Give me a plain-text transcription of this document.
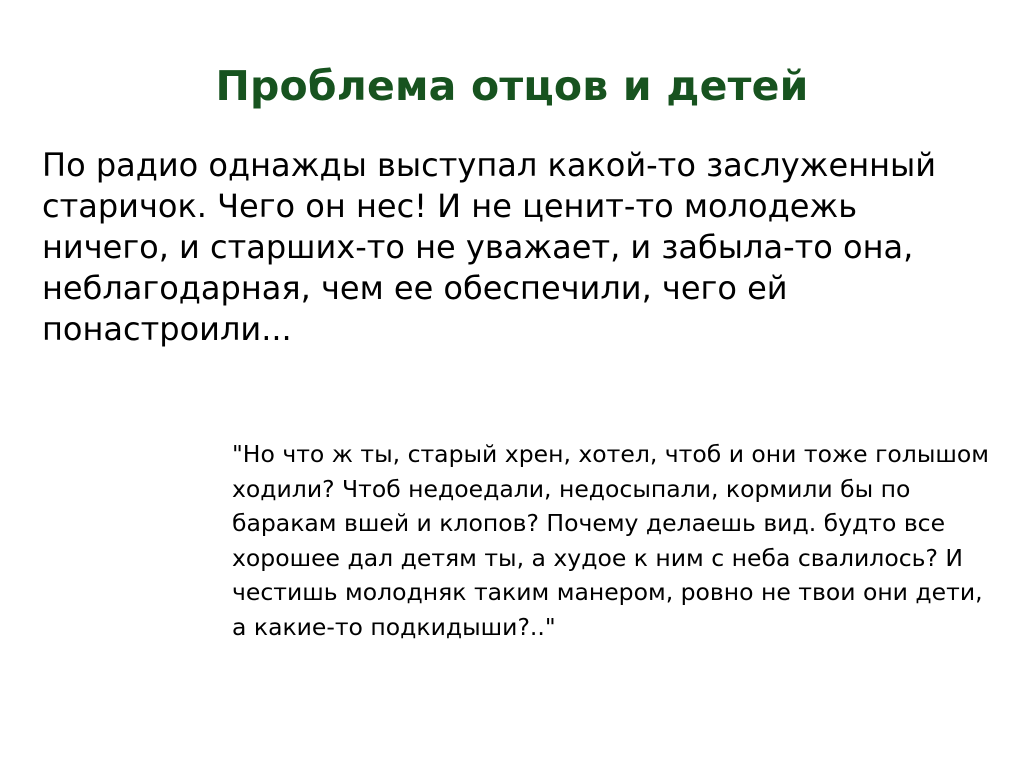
Проблема отцов и детей

По радио однажды выступал какой-то заслуженный старичок. Чего он нес! И не ценит-то молодежь ничего, и старших-то не уважает, и забыла-то она, неблагодарная, чем ее обеспечили, чего ей понастроили...

"Но что ж ты, старый хрен, хотел, чтоб и они тоже голышом ходили? Чтоб недоедали, недосыпали, кормили бы по баракам вшей и клопов? Почему делаешь вид. будто все хорошее дал детям ты, а худое к ним с неба свалилось? И честишь молодняк таким манером, ровно не твои они дети, а какие-то подкидыши?.."
